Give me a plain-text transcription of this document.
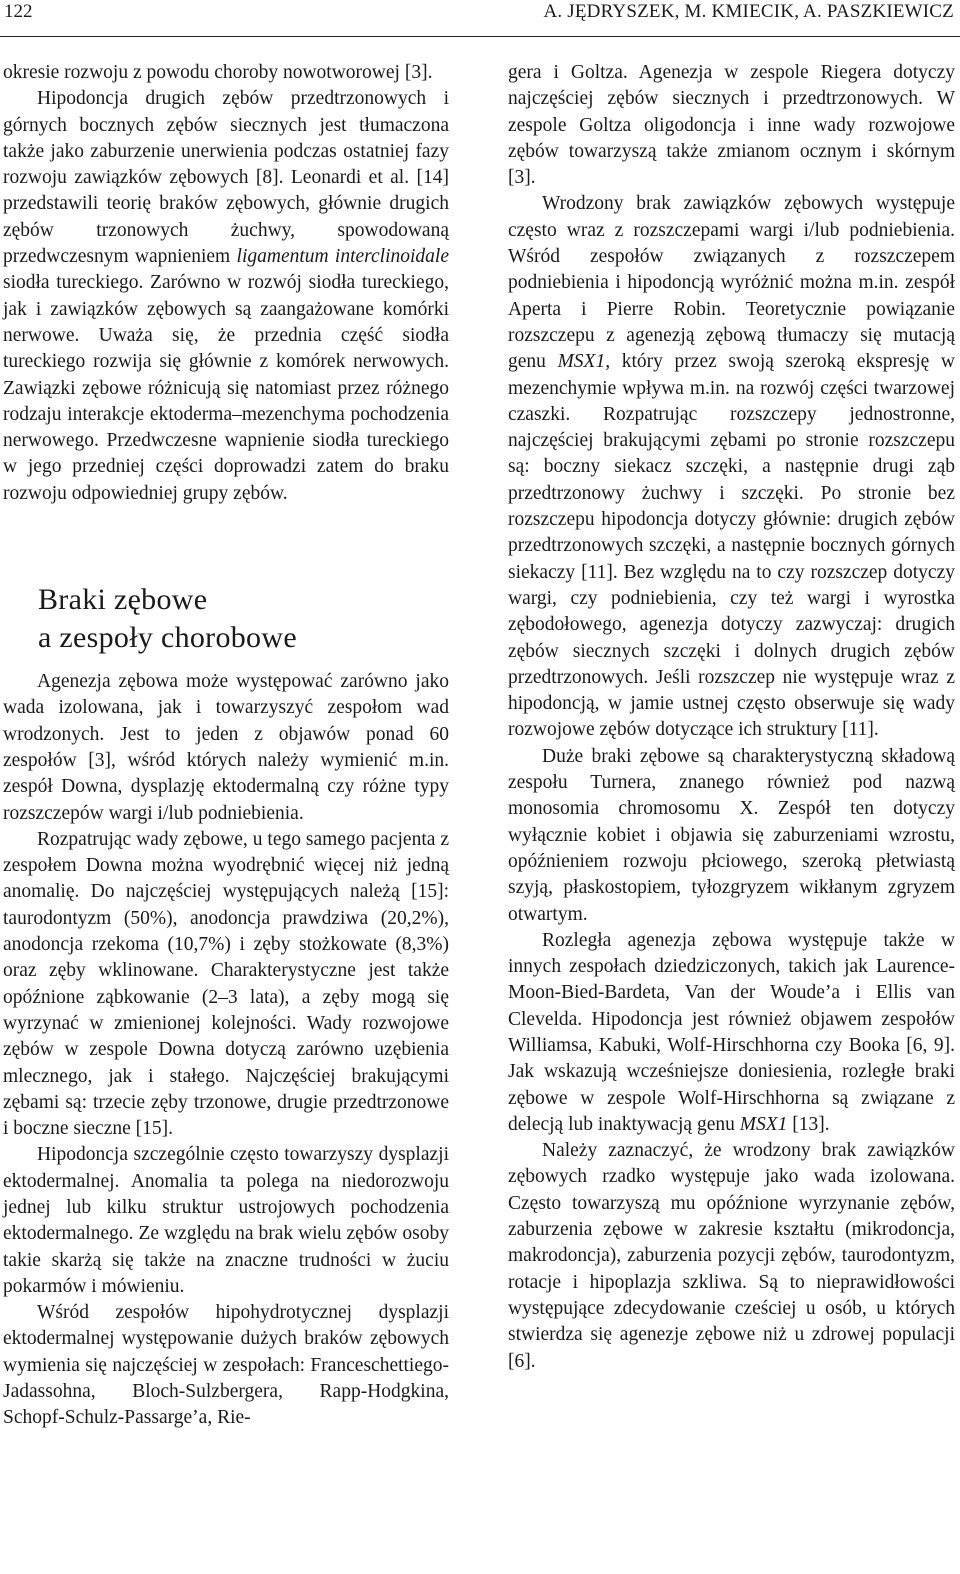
122	A. JĘDRYSZEK, M. KMIECIK, A. PASZKIEWICZ

okresie rozwoju z powodu choroby nowotworowej [3].

Hipodoncja drugich zębów przedtrzonowych i górnych bocznych zębów siecznych jest tłumaczona także jako zaburzenie unerwienia podczas ostatniej fazy rozwoju zawiązków zębowych [8]. Leonardi et al. [14] przedstawili teorię braków zębowych, głównie drugich zębów trzonowych żuchwy, spowodowaną przedwczesnym wapnieniem ligamentum interclinoidale siodła tureckiego. Zarówno w rozwój siodła tureckiego, jak i zawiązków zębowych są zaangażowane komórki nerwowe. Uważa się, że przednia część siodła tureckiego rozwija się głównie z komórek nerwowych. Zawiązki zębowe różnicują się natomiast przez różnego rodzaju interakcje ektoderma–mezenchyma pochodzenia nerwowego. Przedwczesne wapnienie siodła tureckiego w jego przedniej części doprowadzi zatem do braku rozwoju odpowiedniej grupy zębów.

Braki zębowe
a zespoły chorobowe

Agenezja zębowa może występować zarówno jako wada izolowana, jak i towarzyszyć zespołom wad wrodzonych. Jest to jeden z objawów ponad 60 zespołów [3], wśród których należy wymienić m.in. zespół Downa, dysplazję ektodermalną czy różne typy rozszczepów wargi i/lub podniebienia.

Rozpatrując wady zębowe, u tego samego pacjenta z zespołem Downa można wyodrębnić więcej niż jedną anomalię. Do najczęściej występujących należą [15]: taurodontyzm (50%), anodoncja prawdziwa (20,2%), anodoncja rzekoma (10,7%) i zęby stożkowate (8,3%) oraz zęby wklinowane. Charakterystyczne jest także opóźnione ząbkowanie (2–3 lata), a zęby mogą się wyrzynać w zmienionej kolejności. Wady rozwojowe zębów w zespole Downa dotyczą zarówno uzębienia mlecznego, jak i stałego. Najczęściej brakującymi zębami są: trzecie zęby trzonowe, drugie przedtrzonowe i boczne sieczne [15].

Hipodoncja szczególnie często towarzyszy dysplazji ektodermalnej. Anomalia ta polega na niedorozwoju jednej lub kilku struktur ustrojowych pochodzenia ektodermalnego. Ze względu na brak wielu zębów osoby takie skarżą się także na znaczne trudności w żuciu pokarmów i mówieniu.

Wśród zespołów hipohydrotycznej dysplazji ektodermalnej występowanie dużych braków zębowych wymienia się najczęściej w zespołach: Franceschettiego-Jadassohna, Bloch-Sulzbergera, Rapp-Hodgkina, Schopf-Schulz-Passarge’a, Rie-

gera i Goltza. Agenezja w zespole Riegera dotyczy najczęściej zębów siecznych i przedtrzonowych. W zespole Goltza oligodoncja i inne wady rozwojowe zębów towarzyszą także zmianom ocznym i skórnym [3].

Wrodzony brak zawiązków zębowych występuje często wraz z rozszczepami wargi i/lub podniebienia. Wśród zespołów związanych z rozszczepem podniebienia i hipodoncją wyróżnić można m.in. zespół Aperta i Pierre Robin. Teoretycznie powiązanie rozszczepu z agenezją zębową tłumaczy się mutacją genu MSX1, który przez swoją szeroką ekspresję w mezenchymie wpływa m.in. na rozwój części twarzowej czaszki. Rozpatrując rozszczepy jednostronne, najczęściej brakującymi zębami po stronie rozszczepu są: boczny siekacz szczęki, a następnie drugi ząb przedtrzonowy żuchwy i szczęki. Po stronie bez rozszczepu hipodoncja dotyczy głównie: drugich zębów przedtrzonowych szczęki, a następnie bocznych górnych siekaczy [11]. Bez względu na to czy rozszczep dotyczy wargi, czy podniebienia, czy też wargi i wyrostka zębodołowego, agenezja dotyczy zazwyczaj: drugich zębów siecznych szczęki i dolnych drugich zębów przedtrzonowych. Jeśli rozszczep nie występuje wraz z hipodoncją, w jamie ustnej często obserwuje się wady rozwojowe zębów dotyczące ich struktury [11].

Duże braki zębowe są charakterystyczną składową zespołu Turnera, znanego również pod nazwą monosomia chromosomu X. Zespół ten dotyczy wyłącznie kobiet i objawia się zaburzeniami wzrostu, opóźnieniem rozwoju płciowego, szeroką płetwiastą szyją, płaskostopiem, tyłozgryzem wikłanym zgryzem otwartym.

Rozległa agenezja zębowa występuje także w innych zespołach dziedziczonych, takich jak Laurence-Moon-Bied-Bardeta, Van der Woude’a i Ellis van Clevelda. Hipodoncja jest również objawem zespołów Williamsa, Kabuki, Wolf-Hirschhorna czy Booka [6, 9]. Jak wskazują wcześniejsze doniesienia, rozległe braki zębowe w zespole Wolf-Hirschhorna są związane z delecją lub inaktywacją genu MSX1 [13].

Należy zaznaczyć, że wrodzony brak zawiązków zębowych rzadko występuje jako wada izolowana. Często towarzyszą mu opóźnione wyrzynanie zębów, zaburzenia zębowe w zakresie kształtu (mikrodoncja, makrodoncja), zaburzenia pozycji zębów, taurodontyzm, rotacje i hipoplazja szkliwa. Są to nieprawidłowości występujące zdecydowanie cześciej u osób, u których stwierdza się agenezje zębowe niż u zdrowej populacji [6].
